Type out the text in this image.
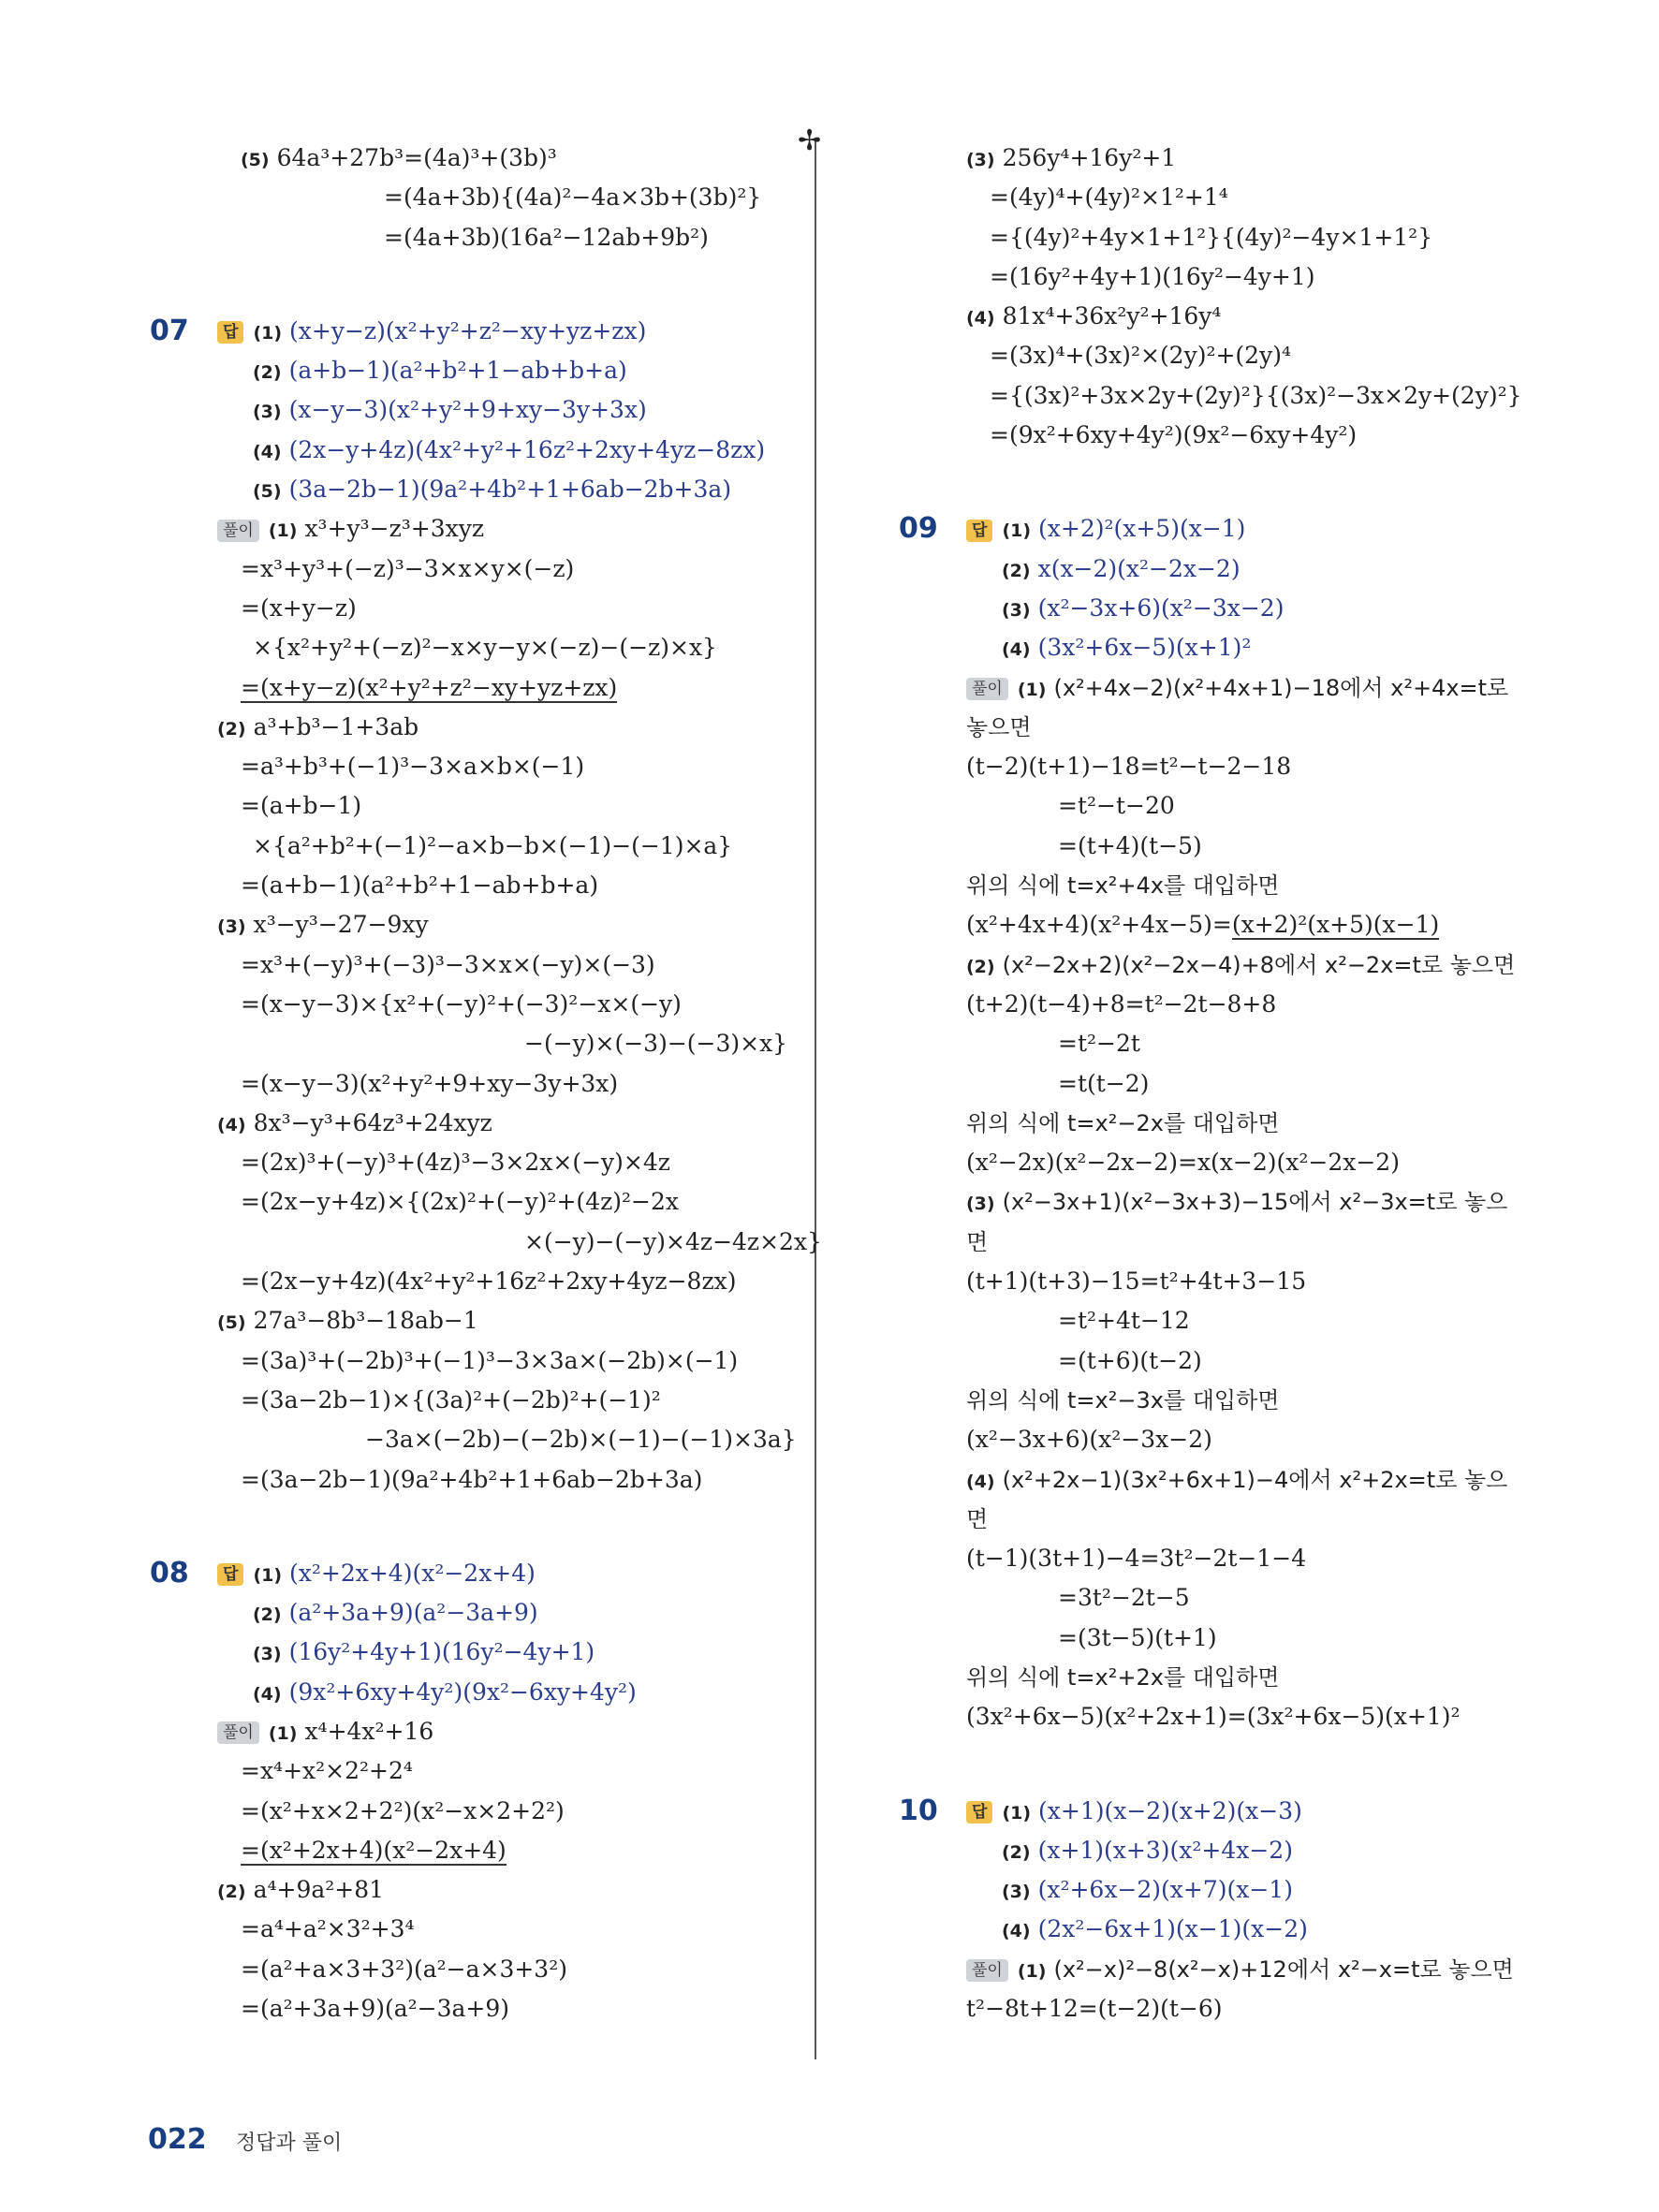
✢
(5) 64a³+27b³=(4a)³+(3b)³
=(4a+3b){(4a)²−4a×3b+(3b)²}
=(4a+3b)(16a²−12ab+9b²)
07 답 (1) (x+y−z)(x²+y²+z²−xy+yz+zx)
(2) (a+b−1)(a²+b²+1−ab+b+a)
(3) (x−y−3)(x²+y²+9+xy−3y+3x)
(4) (2x−y+4z)(4x²+y²+16z²+2xy+4yz−8zx)
(5) (3a−2b−1)(9a²+4b²+1+6ab−2b+3a)
풀이 (1) x³+y³−z³+3xyz
=x³+y³+(−z)³−3×x×y×(−z)
=(x+y−z)
×{x²+y²+(−z)²−x×y−y×(−z)−(−z)×x}
=(x+y−z)(x²+y²+z²−xy+yz+zx)
(2) a³+b³−1+3ab
=a³+b³+(−1)³−3×a×b×(−1)
=(a+b−1)
×{a²+b²+(−1)²−a×b−b×(−1)−(−1)×a}
=(a+b−1)(a²+b²+1−ab+b+a)
(3) x³−y³−27−9xy
=x³+(−y)³+(−3)³−3×x×(−y)×(−3)
=(x−y−3)×{x²+(−y)²+(−3)²−x×(−y)
−(−y)×(−3)−(−3)×x}
=(x−y−3)(x²+y²+9+xy−3y+3x)
(4) 8x³−y³+64z³+24xyz
=(2x)³+(−y)³+(4z)³−3×2x×(−y)×4z
=(2x−y+4z)×{(2x)²+(−y)²+(4z)²−2x
×(−y)−(−y)×4z−4z×2x}
=(2x−y+4z)(4x²+y²+16z²+2xy+4yz−8zx)
(5) 27a³−8b³−18ab−1
=(3a)³+(−2b)³+(−1)³−3×3a×(−2b)×(−1)
=(3a−2b−1)×{(3a)²+(−2b)²+(−1)²
−3a×(−2b)−(−2b)×(−1)−(−1)×3a}
=(3a−2b−1)(9a²+4b²+1+6ab−2b+3a)
08 답 (1) (x²+2x+4)(x²−2x+4)
(2) (a²+3a+9)(a²−3a+9)
(3) (16y²+4y+1)(16y²−4y+1)
(4) (9x²+6xy+4y²)(9x²−6xy+4y²)
풀이 (1) x⁴+4x²+16
=x⁴+x²×2²+2⁴
=(x²+x×2+2²)(x²−x×2+2²)
=(x²+2x+4)(x²−2x+4)
(2) a⁴+9a²+81
=a⁴+a²×3²+3⁴
=(a²+a×3+3²)(a²−a×3+3²)
=(a²+3a+9)(a²−3a+9)
(3) 256y⁴+16y²+1
=(4y)⁴+(4y)²×1²+1⁴
={(4y)²+4y×1+1²}{(4y)²−4y×1+1²}
=(16y²+4y+1)(16y²−4y+1)
(4) 81x⁴+36x²y²+16y⁴
=(3x)⁴+(3x)²×(2y)²+(2y)⁴
={(3x)²+3x×2y+(2y)²}{(3x)²−3x×2y+(2y)²}
=(9x²+6xy+4y²)(9x²−6xy+4y²)
09 답 (1) (x+2)²(x+5)(x−1)
(2) x(x−2)(x²−2x−2)
(3) (x²−3x+6)(x²−3x−2)
(4) (3x²+6x−5)(x+1)²
풀이 (1) (x²+4x−2)(x²+4x+1)−18에서 x²+4x=t로
놓으면
(t−2)(t+1)−18=t²−t−2−18
=t²−t−20
=(t+4)(t−5)
위의 식에 t=x²+4x를 대입하면
(x²+4x+4)(x²+4x−5)=(x+2)²(x+5)(x−1)
(2) (x²−2x+2)(x²−2x−4)+8에서 x²−2x=t로 놓으면
(t+2)(t−4)+8=t²−2t−8+8
=t²−2t
=t(t−2)
위의 식에 t=x²−2x를 대입하면
(x²−2x)(x²−2x−2)=x(x−2)(x²−2x−2)
(3) (x²−3x+1)(x²−3x+3)−15에서 x²−3x=t로 놓으
면
(t+1)(t+3)−15=t²+4t+3−15
=t²+4t−12
=(t+6)(t−2)
위의 식에 t=x²−3x를 대입하면
(x²−3x+6)(x²−3x−2)
(4) (x²+2x−1)(3x²+6x+1)−4에서 x²+2x=t로 놓으
면
(t−1)(3t+1)−4=3t²−2t−1−4
=3t²−2t−5
=(3t−5)(t+1)
위의 식에 t=x²+2x를 대입하면
(3x²+6x−5)(x²+2x+1)=(3x²+6x−5)(x+1)²
10 답 (1) (x+1)(x−2)(x+2)(x−3)
(2) (x+1)(x+3)(x²+4x−2)
(3) (x²+6x−2)(x+7)(x−1)
(4) (2x²−6x+1)(x−1)(x−2)
풀이 (1) (x²−x)²−8(x²−x)+12에서 x²−x=t로 놓으면
t²−8t+12=(t−2)(t−6)
022 정답과 풀이
